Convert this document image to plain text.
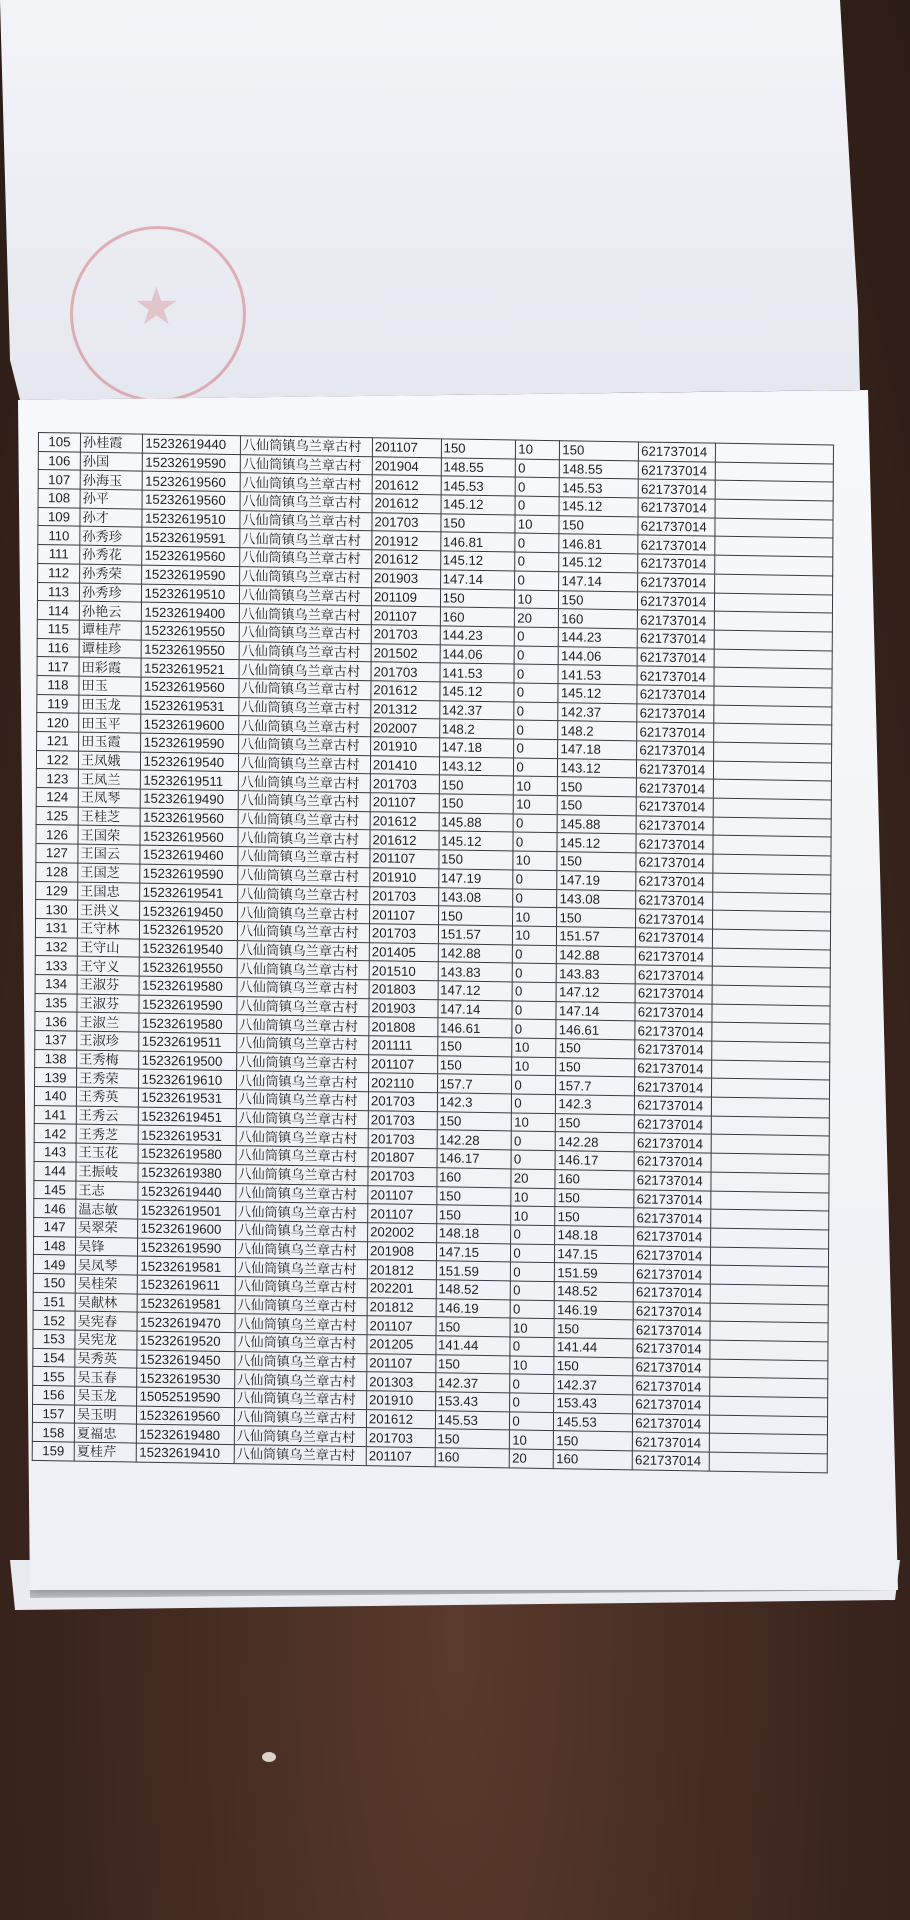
★
105	孙桂霞	15232619440	八仙筒镇乌兰章古村	201107	150	10	150	621737014	
106	孙国	15232619590	八仙筒镇乌兰章古村	201904	148.55	0	148.55	621737014	
107	孙海玉	15232619560	八仙筒镇乌兰章古村	201612	145.53	0	145.53	621737014	
108	孙平	15232619560	八仙筒镇乌兰章古村	201612	145.12	0	145.12	621737014	
109	孙才	15232619510	八仙筒镇乌兰章古村	201703	150	10	150	621737014	
110	孙秀珍	15232619591	八仙筒镇乌兰章古村	201912	146.81	0	146.81	621737014	
111	孙秀花	15232619560	八仙筒镇乌兰章古村	201612	145.12	0	145.12	621737014	
112	孙秀荣	15232619590	八仙筒镇乌兰章古村	201903	147.14	0	147.14	621737014	
113	孙秀珍	15232619510	八仙筒镇乌兰章古村	201109	150	10	150	621737014	
114	孙艳云	15232619400	八仙筒镇乌兰章古村	201107	160	20	160	621737014	
115	谭桂芹	15232619550	八仙筒镇乌兰章古村	201703	144.23	0	144.23	621737014	
116	谭桂珍	15232619550	八仙筒镇乌兰章古村	201502	144.06	0	144.06	621737014	
117	田彩霞	15232619521	八仙筒镇乌兰章古村	201703	141.53	0	141.53	621737014	
118	田玉	15232619560	八仙筒镇乌兰章古村	201612	145.12	0	145.12	621737014	
119	田玉龙	15232619531	八仙筒镇乌兰章古村	201312	142.37	0	142.37	621737014	
120	田玉平	15232619600	八仙筒镇乌兰章古村	202007	148.2	0	148.2	621737014	
121	田玉霞	15232619590	八仙筒镇乌兰章古村	201910	147.18	0	147.18	621737014	
122	王凤娥	15232619540	八仙筒镇乌兰章古村	201410	143.12	0	143.12	621737014	
123	王凤兰	15232619511	八仙筒镇乌兰章古村	201703	150	10	150	621737014	
124	王凤琴	15232619490	八仙筒镇乌兰章古村	201107	150	10	150	621737014	
125	王桂芝	15232619560	八仙筒镇乌兰章古村	201612	145.88	0	145.88	621737014	
126	王国荣	15232619560	八仙筒镇乌兰章古村	201612	145.12	0	145.12	621737014	
127	王国云	15232619460	八仙筒镇乌兰章古村	201107	150	10	150	621737014	
128	王国芝	15232619590	八仙筒镇乌兰章古村	201910	147.19	0	147.19	621737014	
129	王国忠	15232619541	八仙筒镇乌兰章古村	201703	143.08	0	143.08	621737014	
130	王洪义	15232619450	八仙筒镇乌兰章古村	201107	150	10	150	621737014	
131	王守林	15232619520	八仙筒镇乌兰章古村	201703	151.57	10	151.57	621737014	
132	王守山	15232619540	八仙筒镇乌兰章古村	201405	142.88	0	142.88	621737014	
133	王守义	15232619550	八仙筒镇乌兰章古村	201510	143.83	0	143.83	621737014	
134	王淑芬	15232619580	八仙筒镇乌兰章古村	201803	147.12	0	147.12	621737014	
135	王淑芬	15232619590	八仙筒镇乌兰章古村	201903	147.14	0	147.14	621737014	
136	王淑兰	15232619580	八仙筒镇乌兰章古村	201808	146.61	0	146.61	621737014	
137	王淑珍	15232619511	八仙筒镇乌兰章古村	201111	150	10	150	621737014	
138	王秀梅	15232619500	八仙筒镇乌兰章古村	201107	150	10	150	621737014	
139	王秀荣	15232619610	八仙筒镇乌兰章古村	202110	157.7	0	157.7	621737014	
140	王秀英	15232619531	八仙筒镇乌兰章古村	201703	142.3	0	142.3	621737014	
141	王秀云	15232619451	八仙筒镇乌兰章古村	201703	150	10	150	621737014	
142	王秀芝	15232619531	八仙筒镇乌兰章古村	201703	142.28	0	142.28	621737014	
143	王玉花	15232619580	八仙筒镇乌兰章古村	201807	146.17	0	146.17	621737014	
144	王振岐	15232619380	八仙筒镇乌兰章古村	201703	160	20	160	621737014	
145	王志	15232619440	八仙筒镇乌兰章古村	201107	150	10	150	621737014	
146	温志敏	15232619501	八仙筒镇乌兰章古村	201107	150	10	150	621737014	
147	吴翠荣	15232619600	八仙筒镇乌兰章古村	202002	148.18	0	148.18	621737014	
148	吴锋	15232619590	八仙筒镇乌兰章古村	201908	147.15	0	147.15	621737014	
149	吴凤琴	15232619581	八仙筒镇乌兰章古村	201812	151.59	0	151.59	621737014	
150	吴桂荣	15232619611	八仙筒镇乌兰章古村	202201	148.52	0	148.52	621737014	
151	吴献林	15232619581	八仙筒镇乌兰章古村	201812	146.19	0	146.19	621737014	
152	吴宪春	15232619470	八仙筒镇乌兰章古村	201107	150	10	150	621737014	
153	吴宪龙	15232619520	八仙筒镇乌兰章古村	201205	141.44	0	141.44	621737014	
154	吴秀英	15232619450	八仙筒镇乌兰章古村	201107	150	10	150	621737014	
155	吴玉春	15232619530	八仙筒镇乌兰章古村	201303	142.37	0	142.37	621737014	
156	吴玉龙	15052519590	八仙筒镇乌兰章古村	201910	153.43	0	153.43	621737014	
157	吴玉明	15232619560	八仙筒镇乌兰章古村	201612	145.53	0	145.53	621737014	
158	夏福忠	15232619480	八仙筒镇乌兰章古村	201703	150	10	150	621737014	
159	夏桂芹	15232619410	八仙筒镇乌兰章古村	201107	160	20	160	621737014	
